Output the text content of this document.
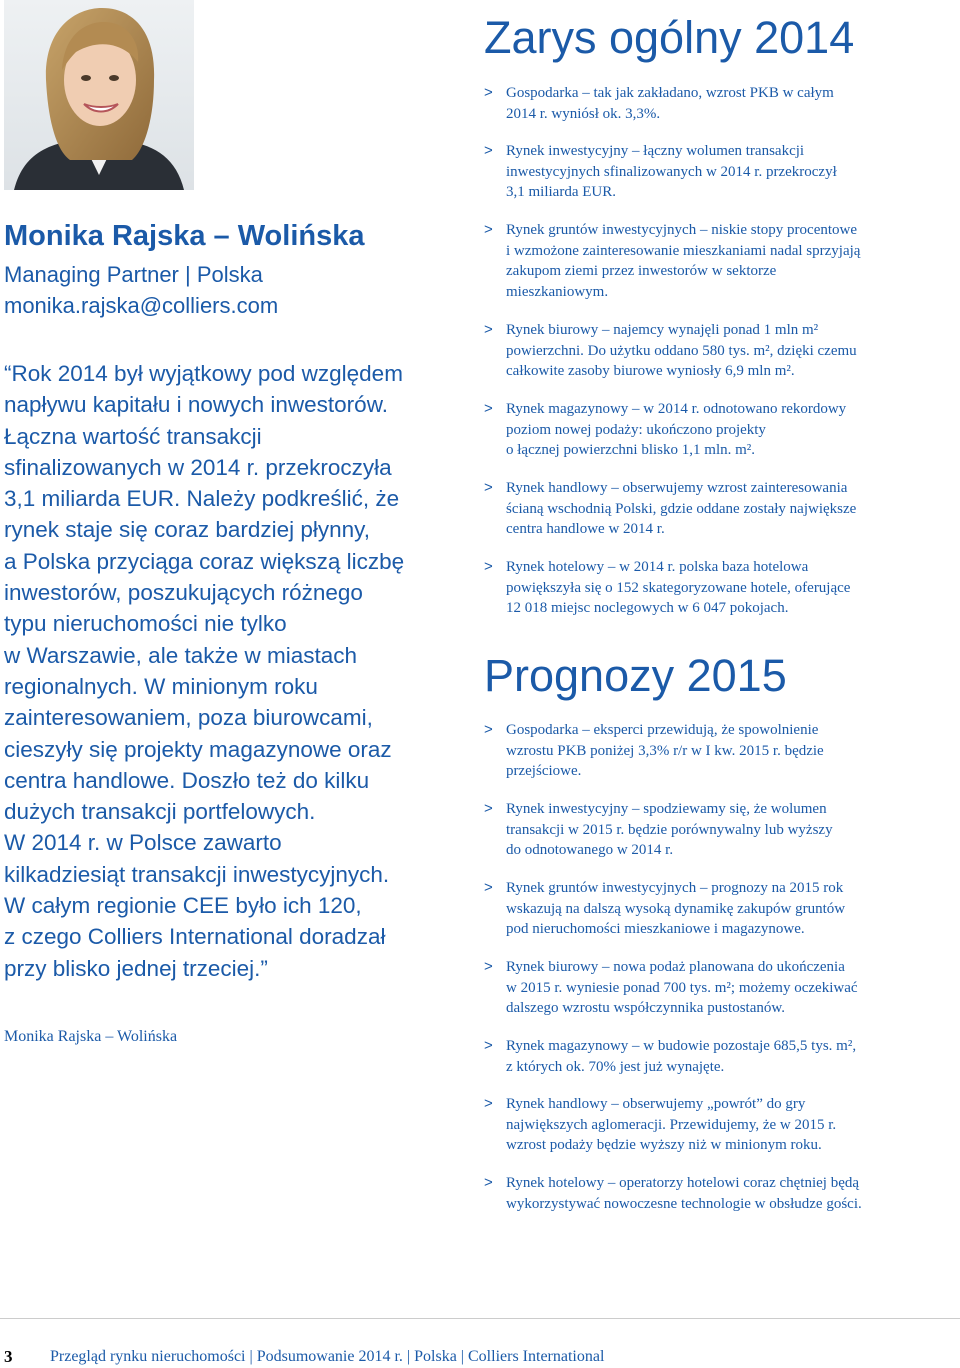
Monika Rajska – Wolińska
Managing Partner | Polska
monika.rajska@colliers.com
“Rok 2014 był wyjątkowy pod względem
napływu kapitału i nowych inwestorów.
Łączna wartość transakcji
sfinalizowanych w 2014 r. przekroczyła
3,1 miliarda EUR. Należy podkreślić, że
rynek staje się coraz bardziej płynny,
a Polska przyciąga coraz większą liczbę
inwestorów, poszukujących różnego
typu nieruchomości nie tylko
w Warszawie, ale także w miastach
regionalnych. W minionym roku
zainteresowaniem, poza biurowcami,
cieszyły się projekty magazynowe oraz
centra handlowe. Doszło też do kilku
dużych transakcji portfelowych.
W 2014 r. w Polsce zawarto
kilkadziesiąt transakcji inwestycyjnych.
W całym regionie CEE było ich 120,
z czego Colliers International doradzał
przy blisko jednej trzeciej.”
Monika Rajska – Wolińska
Zarys ogólny 2014
> Gospodarka – tak jak zakładano, wzrost PKB w całym
2014 r. wyniósł ok. 3,3%.
> Rynek inwestycyjny – łączny wolumen transakcji
inwestycyjnych sfinalizowanych w 2014 r. przekroczył
3,1 miliarda EUR.
> Rynek gruntów inwestycyjnych – niskie stopy procentowe
i wzmożone zainteresowanie mieszkaniami nadal sprzyjają
zakupom ziemi przez inwestorów w sektorze
mieszkaniowym.
> Rynek biurowy – najemcy wynajęli ponad 1 mln m²
powierzchni. Do użytku oddano 580 tys. m², dzięki czemu
całkowite zasoby biurowe wyniosły 6,9 mln m².
> Rynek magazynowy – w 2014 r. odnotowano rekordowy
poziom nowej podaży: ukończono projekty
o łącznej powierzchni blisko 1,1 mln. m².
> Rynek handlowy – obserwujemy wzrost zainteresowania
ścianą wschodnią Polski, gdzie oddane zostały największe
centra handlowe w 2014 r.
> Rynek hotelowy – w 2014 r. polska baza hotelowa
powiększyła się o 152 skategoryzowane hotele, oferujące
12 018 miejsc noclegowych w 6 047 pokojach.
Prognozy 2015
> Gospodarka – eksperci przewidują, że spowolnienie
wzrostu PKB poniżej 3,3% r/r w I kw. 2015 r. będzie
przejściowe.
> Rynek inwestycyjny – spodziewamy się, że wolumen
transakcji w 2015 r. będzie porównywalny lub wyższy
do odnotowanego w 2014 r.
> Rynek gruntów inwestycyjnych – prognozy na 2015 rok
wskazują na dalszą wysoką dynamikę zakupów gruntów
pod nieruchomości mieszkaniowe i magazynowe.
> Rynek biurowy – nowa podaż planowana do ukończenia
w 2015 r. wyniesie ponad 700 tys. m²; możemy oczekiwać
dalszego wzrostu współczynnika pustostanów.
> Rynek magazynowy – w budowie pozostaje 685,5 tys. m²,
z których ok. 70% jest już wynajęte.
> Rynek handlowy – obserwujemy „powrót” do gry
największych aglomeracji. Przewidujemy, że w 2015 r.
wzrost podaży będzie wyższy niż w minionym roku.
> Rynek hotelowy – operatorzy hotelowi coraz chętniej będą
wykorzystywać nowoczesne technologie w obsłudze gości.
3 Przegląd rynku nieruchomości | Podsumowanie 2014 r. | Polska | Colliers International
